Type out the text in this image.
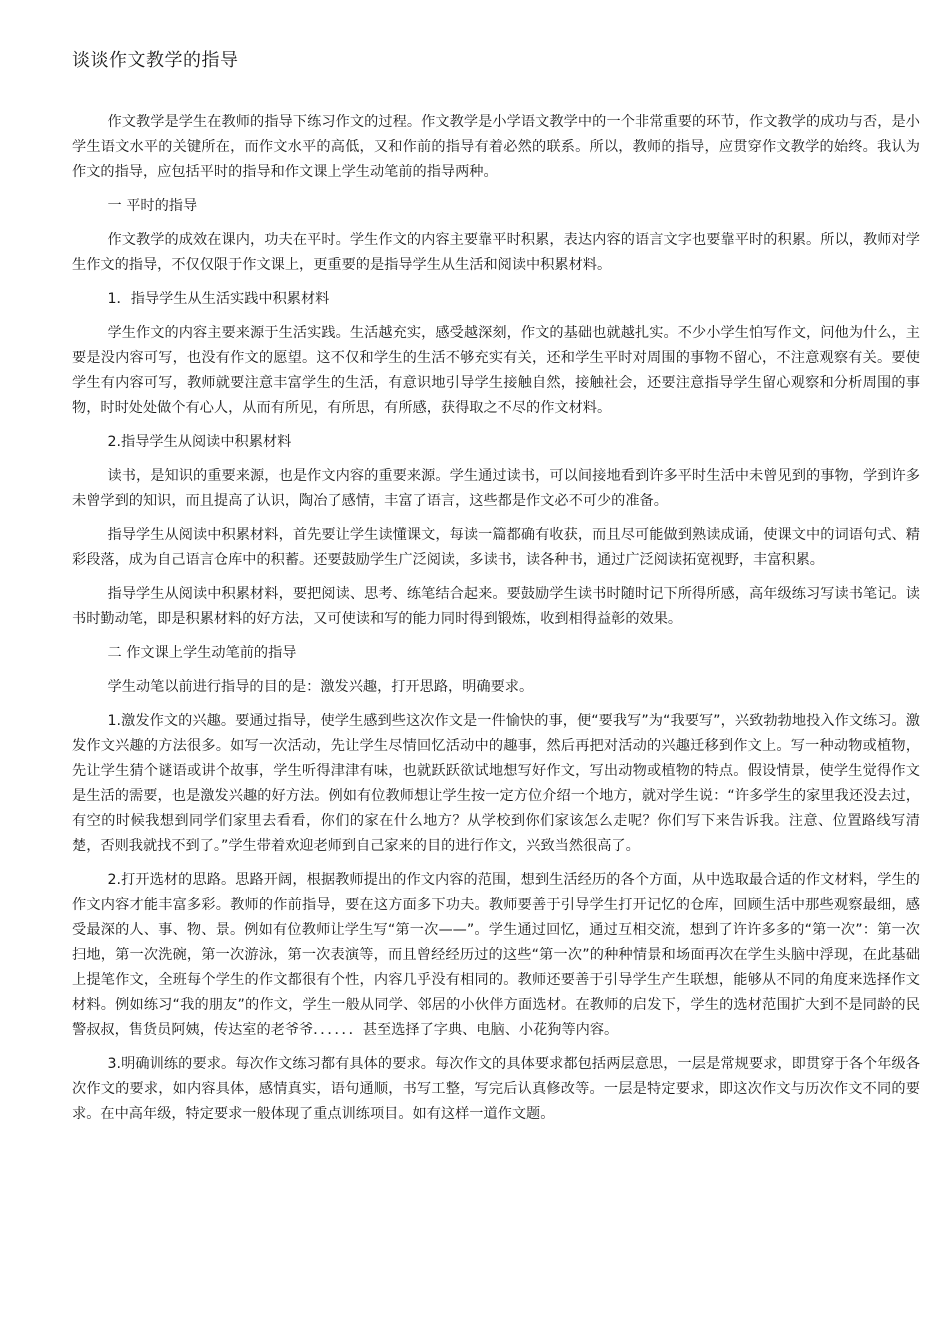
谈谈作文教学的指导

作文教学是学生在教师的指导下练习作文的过程。作文教学是小学语文教学中的一个非常重要的环节，作文教学的成功与否，是小学生语文水平的关键所在，而作文水平的高低，又和作前的指导有着必然的联系。所以，教师的指导，应贯穿作文教学的始终。我认为作文的指导，应包括平时的指导和作文课上学生动笔前的指导两种。

一 平时的指导

作文教学的成效在课内，功夫在平时。学生作文的内容主要靠平时积累，表达内容的语言文字也要靠平时的积累。所以，教师对学生作文的指导，不仅仅限于作文课上，更重要的是指导学生从生活和阅读中积累材料。

1．指导学生从生活实践中积累材料

学生作文的内容主要来源于生活实践。生活越充实，感受越深刻，作文的基础也就越扎实。不少小学生怕写作文，问他为什么，主要是没内容可写，也没有作文的愿望。这不仅和学生的生活不够充实有关，还和学生平时对周围的事物不留心，不注意观察有关。要使学生有内容可写，教师就要注意丰富学生的生活，有意识地引导学生接触自然，接触社会，还要注意指导学生留心观察和分析周围的事物，时时处处做个有心人，从而有所见，有所思，有所感，获得取之不尽的作文材料。

2.指导学生从阅读中积累材料

读书，是知识的重要来源，也是作文内容的重要来源。学生通过读书，可以间接地看到许多平时生活中未曾见到的事物，学到许多未曾学到的知识，而且提高了认识，陶冶了感情，丰富了语言，这些都是作文必不可少的准备。

指导学生从阅读中积累材料，首先要让学生读懂课文，每读一篇都确有收获，而且尽可能做到熟读成诵，使课文中的词语句式、精彩段落，成为自己语言仓库中的积蓄。还要鼓励学生广泛阅读，多读书，读各种书，通过广泛阅读拓宽视野，丰富积累。

指导学生从阅读中积累材料，要把阅读、思考、练笔结合起来。要鼓励学生读书时随时记下所得所感，高年级练习写读书笔记。读书时勤动笔，即是积累材料的好方法，又可使读和写的能力同时得到锻炼，收到相得益彰的效果。

二 作文课上学生动笔前的指导

学生动笔以前进行指导的目的是：激发兴趣，打开思路，明确要求。

1.激发作文的兴趣。要通过指导，使学生感到些这次作文是一件愉快的事，便“要我写”为“我要写”，兴致勃勃地投入作文练习。激发作文兴趣的方法很多。如写一次活动，先让学生尽情回忆活动中的趣事，然后再把对活动的兴趣迁移到作文上。写一种动物或植物，先让学生猜个谜语或讲个故事，学生听得津津有味，也就跃跃欲试地想写好作文，写出动物或植物的特点。假设情景，使学生觉得作文是生活的需要，也是激发兴趣的好方法。例如有位教师想让学生按一定方位介绍一个地方，就对学生说：“许多学生的家里我还没去过，有空的时候我想到同学们家里去看看，你们的家在什么地方？从学校到你们家该怎么走呢？你们写下来告诉我。注意、位置路线写清楚，否则我就找不到了。”学生带着欢迎老师到自己家来的目的进行作文，兴致当然很高了。

2.打开选材的思路。思路开阔，根据教师提出的作文内容的范围，想到生活经历的各个方面，从中选取最合适的作文材料，学生的作文内容才能丰富多彩。教师的作前指导，要在这方面多下功夫。教师要善于引导学生打开记忆的仓库，回顾生活中那些观察最细，感受最深的人、事、物、景。例如有位教师让学生写“第一次——”。学生通过回忆，通过互相交流，想到了许许多多的“第一次”：第一次扫地，第一次洗碗，第一次游泳，第一次表演等，而且曾经经历过的这些“第一次”的种种情景和场面再次在学生头脑中浮现，在此基础上提笔作文，全班每个学生的作文都很有个性，内容几乎没有相同的。教师还要善于引导学生产生联想，能够从不同的角度来选择作文材料。例如练习“我的朋友”的作文，学生一般从同学、邻居的小伙伴方面选材。在教师的启发下，学生的选材范围扩大到不是同龄的民警叔叔，售货员阿姨，传达室的老爷爷．．．．．．甚至选择了字典、电脑、小花狗等内容。

3.明确训练的要求。每次作文练习都有具体的要求。每次作文的具体要求都包括两层意思，一层是常规要求，即贯穿于各个年级各次作文的要求，如内容具体，感情真实，语句通顺，书写工整，写完后认真修改等。一层是特定要求，即这次作文与历次作文不同的要求。在中高年级，特定要求一般体现了重点训练项目。如有这样一道作文题。
